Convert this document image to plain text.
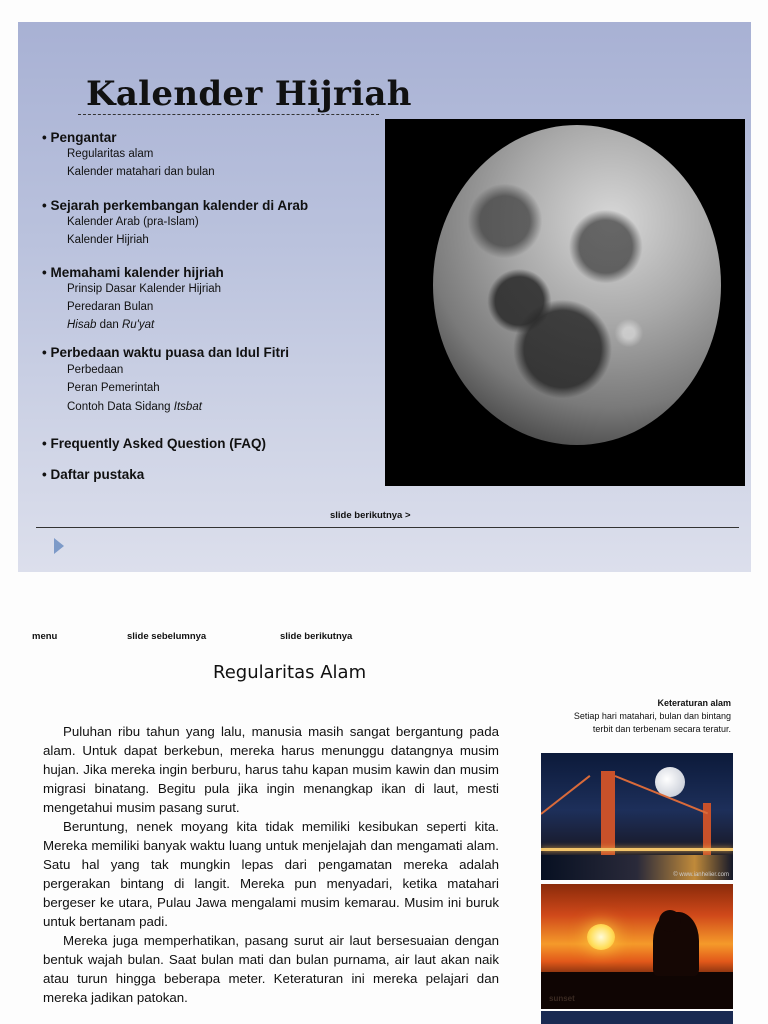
Kalender Hijriah
• Pengantar
Regularitas alam
Kalender matahari dan bulan
• Sejarah perkembangan kalender di Arab
Kalender Arab (pra-Islam)
Kalender Hijriah
• Memahami kalender hijriah
Prinsip Dasar Kalender Hijriah
Peredaran Bulan
Hisab dan Ru'yat
• Perbedaan waktu puasa dan Idul Fitri
Perbedaan
Peran Pemerintah
Contoh Data Sidang Itsbat
• Frequently Asked Question (FAQ)
• Daftar pustaka
slide berikutnya >
menu	slide sebelumnya	slide berikutnya
Regularitas Alam

Puluhan ribu tahun yang lalu, manusia masih sangat bergantung pada alam. Untuk dapat berkebun, mereka harus menunggu datangnya musim hujan. Jika mereka ingin berburu, harus tahu kapan musim kawin dan musim migrasi binatang. Begitu pula jika ingin menangkap ikan di laut, mesti mengetahui musim pasang surut.

Beruntung, nenek moyang kita tidak memiliki kesibukan seperti kita. Mereka memiliki banyak waktu luang untuk menjelajah dan mengamati alam. Satu hal yang tak mungkin lepas dari pengamatan mereka adalah pergerakan bintang di langit. Mereka pun menyadari, ketika matahari bergeser ke utara, Pulau Jawa mengalami musim kemarau. Musim ini buruk untuk bertanam padi.

Mereka juga memperhatikan, pasang surut air laut bersesuaian dengan bentuk wajah bulan. Saat bulan mati dan bulan purnama, air laut akan naik atau turun hingga beberapa meter. Keteraturan ini mereka pelajari dan mereka jadikan patokan.

Keteraturan alam
Setiap hari matahari, bulan dan bintang terbit dan terbenam secara teratur.
© www.ianhelier.com
sunset
